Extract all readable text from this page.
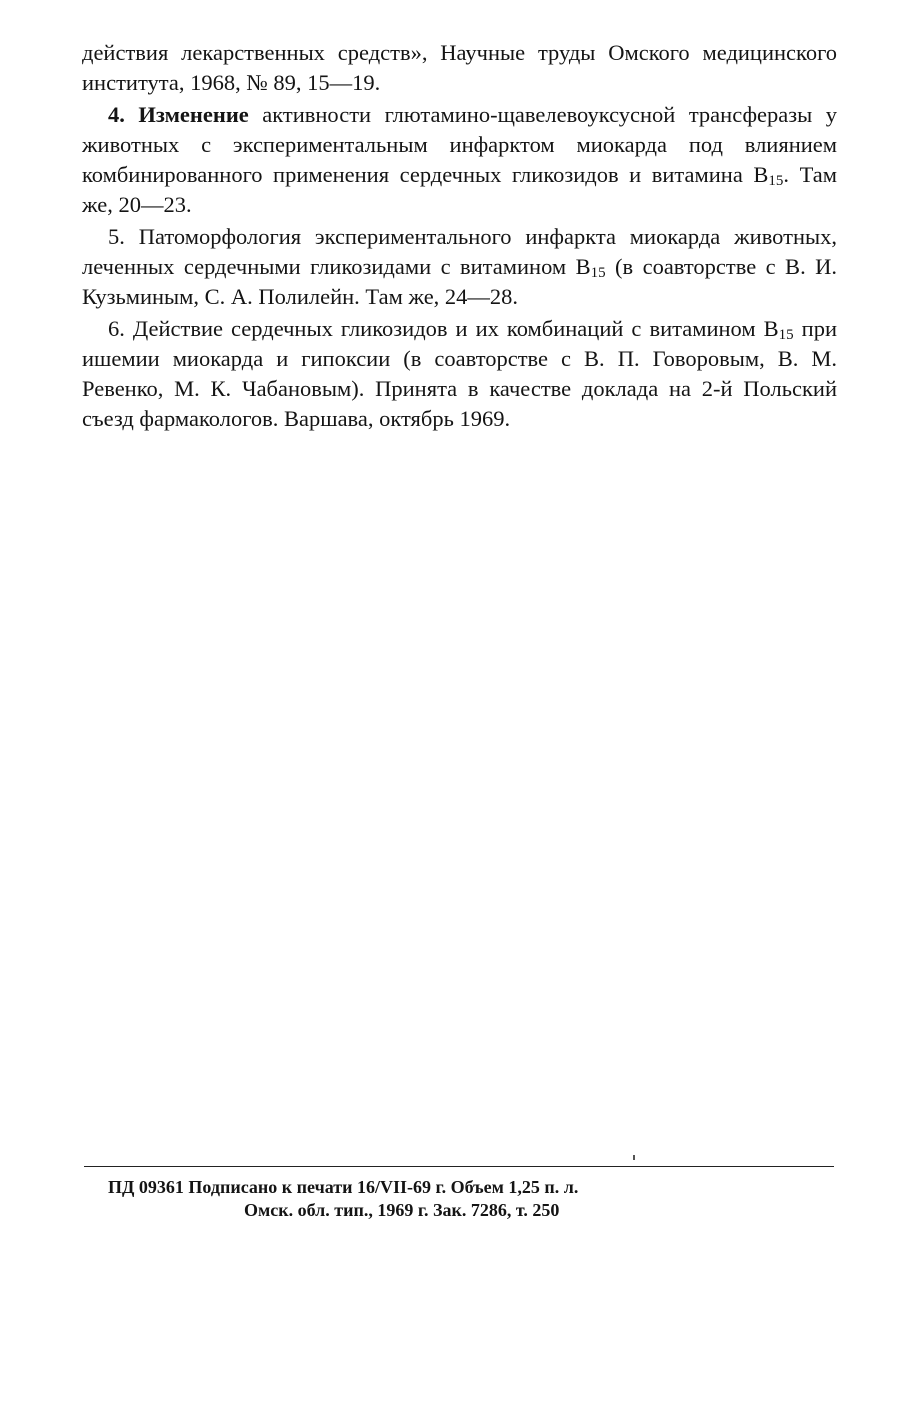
действия лекарственных средств», Научные труды Омского медицинского института, 1968, № 89, 15—19.

4. Изменение активности глютамино-щавелевоуксусной трансферазы у животных с экспериментальным инфарктом миокарда под влиянием комбинированного применения сердечных гликозидов и витамина $B_{15}$. Там же, 20—23.

5. Патоморфология экспериментального инфаркта миокарда животных, леченных сердечными гликозидами с витамином $B_{15}$ (в соавторстве с В. И. Кузьминым, С. А. Полилейн. Там же, 24—28.

6. Действие сердечных гликозидов и их комбинаций с витамином $B_{15}$ при ишемии миокарда и гипоксии (в соавторстве с В. П. Говоровым, В. М. Ревенко, М. К. Чабановым). Принята в качестве доклада на 2-й Польский съезд фармакологов. Варшава, октябрь 1969.

ПД 09361 Подписано к печати 16/VII-69 г. Объем 1,25 п. л.
Омск. обл. тип., 1969 г. Зак. 7286, т. 250
